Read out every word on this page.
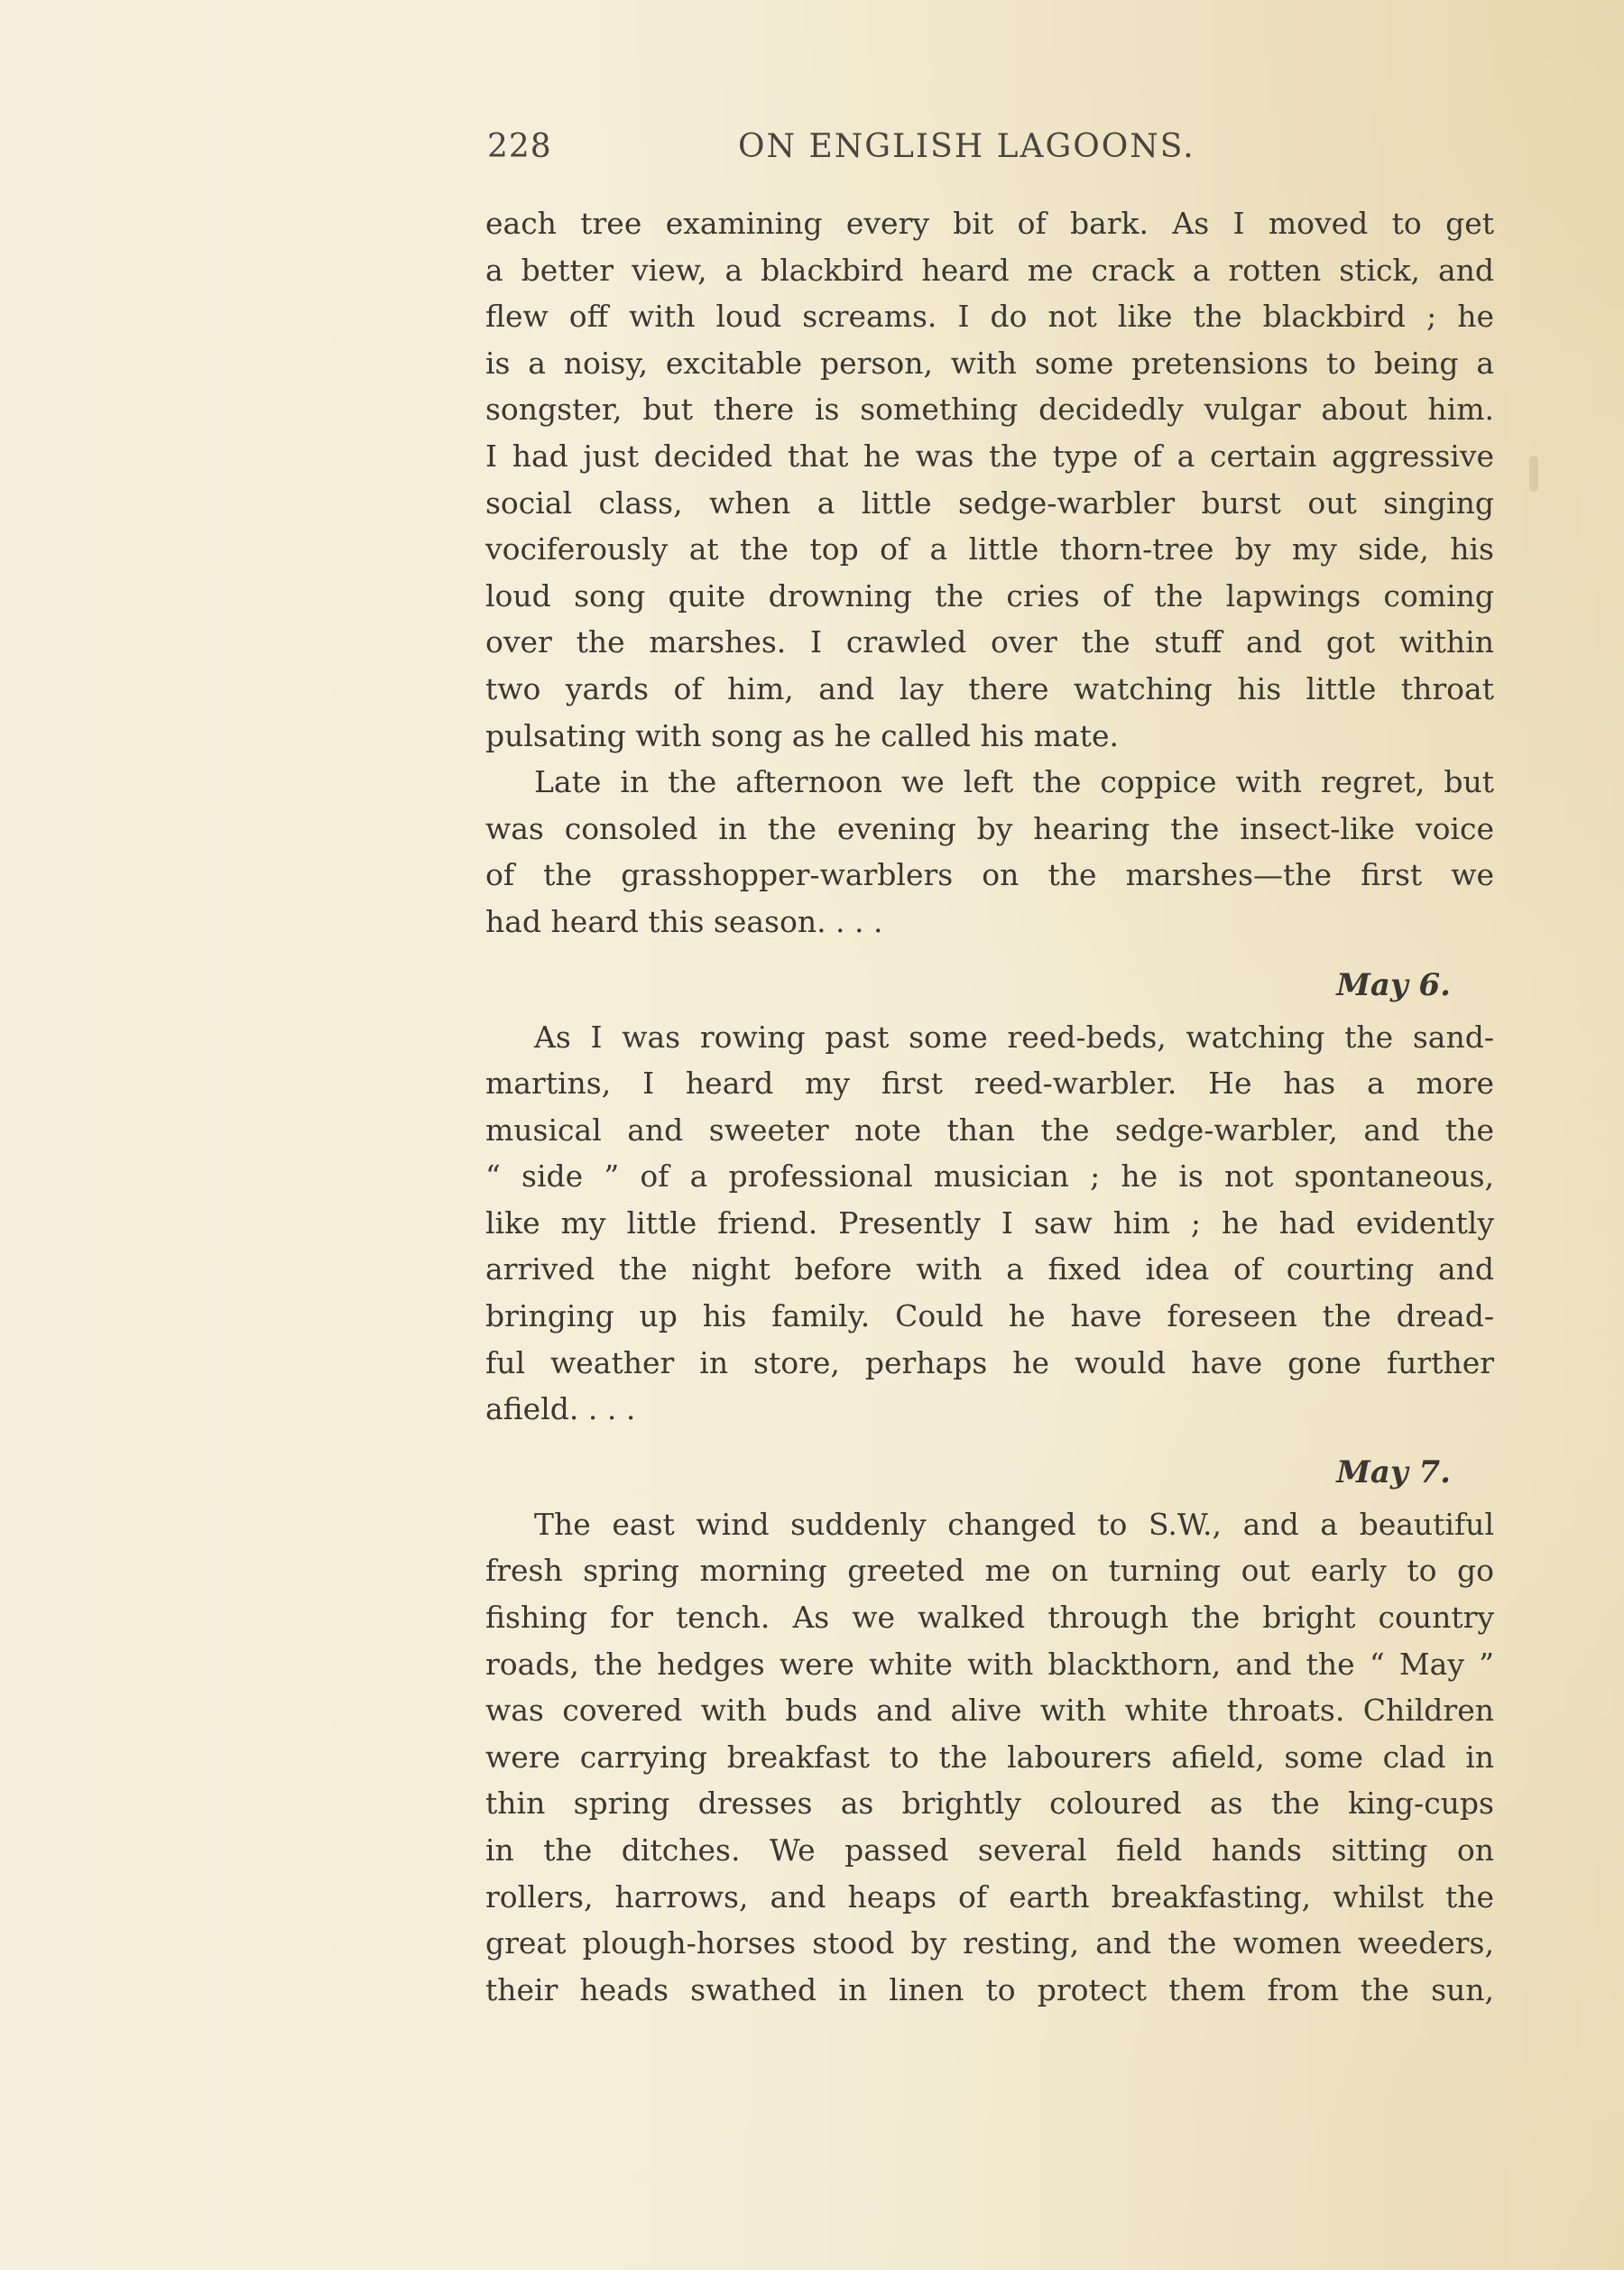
228	ON ENGLISH LAGOONS.
each tree examining every bit of bark. As I moved to get
a better view, a blackbird heard me crack a rotten stick, and
flew off with loud screams. I do not like the blackbird ; he
is a noisy, excitable person, with some pretensions to being a
songster, but there is something decidedly vulgar about him.
I had just decided that he was the type of a certain aggressive
social class, when a little sedge-warbler burst out singing
vociferously at the top of a little thorn-tree by my side, his
loud song quite drowning the cries of the lapwings coming
over the marshes. I crawled over the stuff and got within
two yards of him, and lay there watching his little throat
pulsating with song as he called his mate.
Late in the afternoon we left the coppice with regret, but
was consoled in the evening by hearing the insect-like voice
of the grasshopper-warblers on the marshes—the first we
had heard this season. . . .
May 6.
As I was rowing past some reed-beds, watching the sand-
martins, I heard my first reed-warbler. He has a more
musical and sweeter note than the sedge-warbler, and the
“ side ” of a professional musician ; he is not spontaneous,
like my little friend. Presently I saw him ; he had evidently
arrived the night before with a fixed idea of courting and
bringing up his family. Could he have foreseen the dread-
ful weather in store, perhaps he would have gone further
afield. . . .
May 7.
The east wind suddenly changed to S.W., and a beautiful
fresh spring morning greeted me on turning out early to go
fishing for tench. As we walked through the bright country
roads, the hedges were white with blackthorn, and the “ May ”
was covered with buds and alive with white throats. Children
were carrying breakfast to the labourers afield, some clad in
thin spring dresses as brightly coloured as the king-cups
in the ditches. We passed several field hands sitting on
rollers, harrows, and heaps of earth breakfasting, whilst the
great plough-horses stood by resting, and the women weeders,
their heads swathed in linen to protect them from the sun,
